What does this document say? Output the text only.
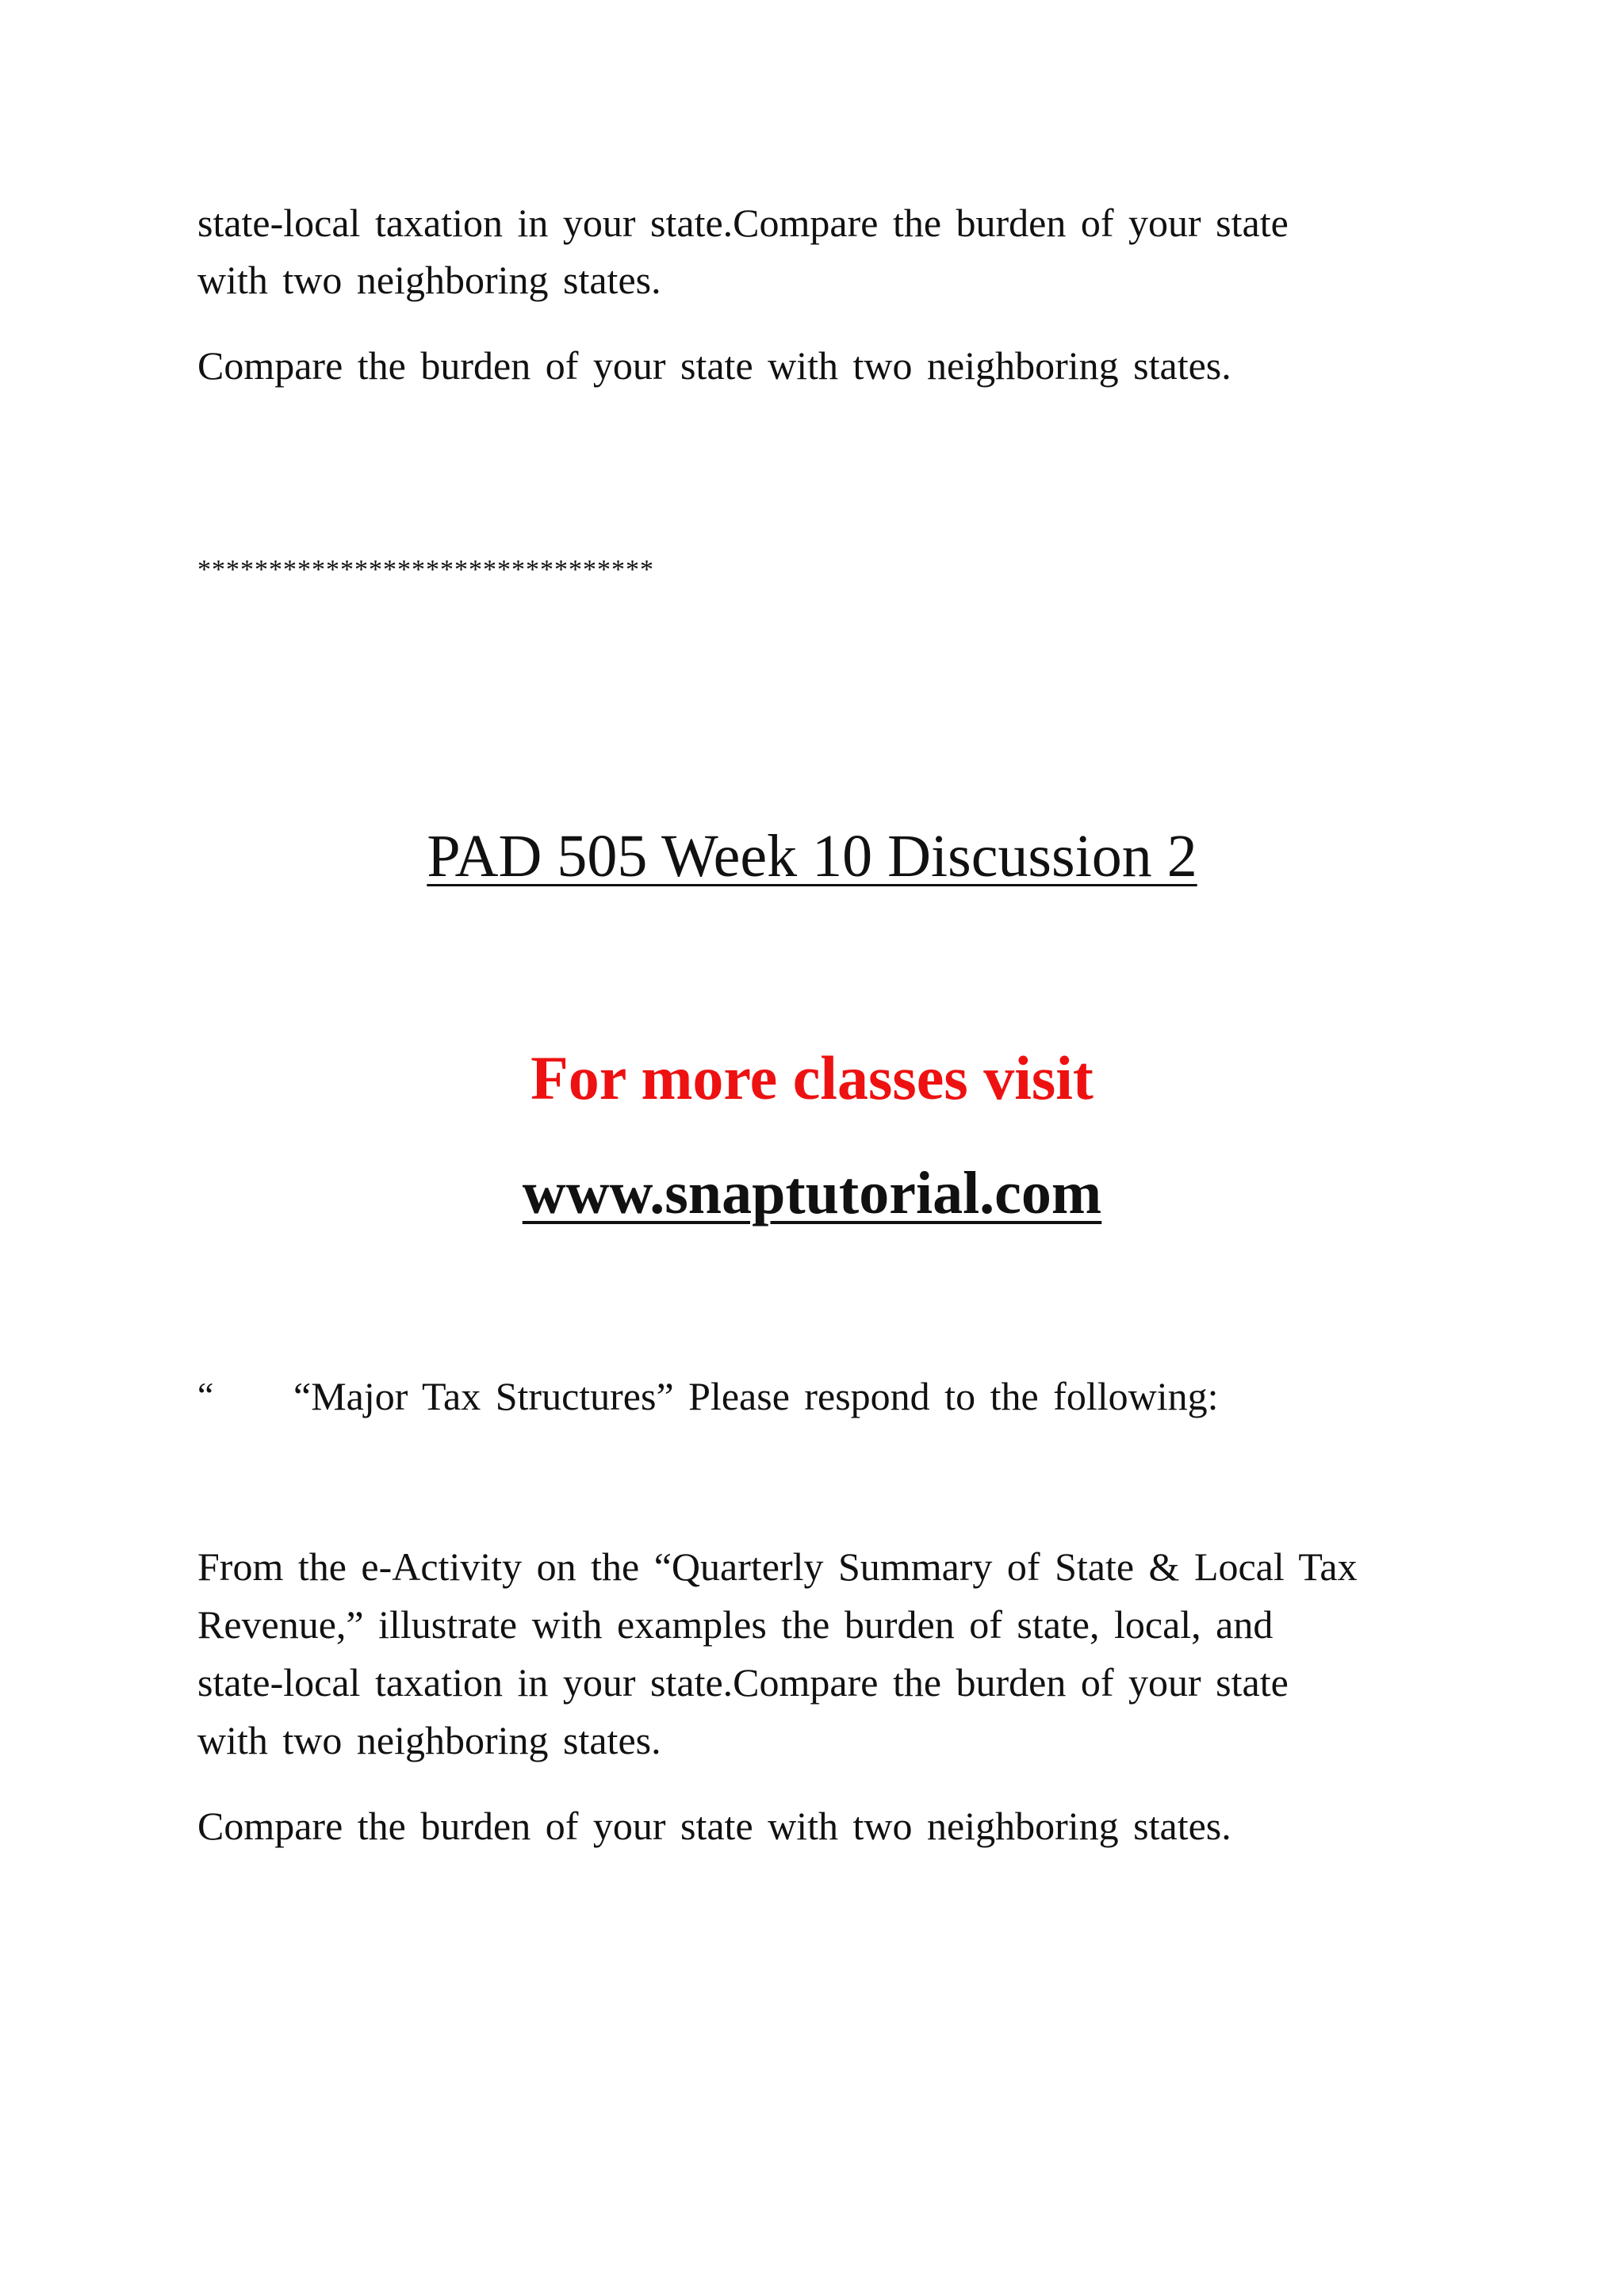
state-local taxation in your state.Compare the burden of your state
with two neighboring states.
Compare the burden of your state with two neighboring states.
********************************
PAD 505 Week 10 Discussion 2
For more classes visit
www.snaptutorial.com
“ “Major Tax Structures” Please respond to the following:
From the e-Activity on the “Quarterly Summary of State & Local Tax
Revenue,” illustrate with examples the burden of state, local, and
state-local taxation in your state.Compare the burden of your state
with two neighboring states.
Compare the burden of your state with two neighboring states.
